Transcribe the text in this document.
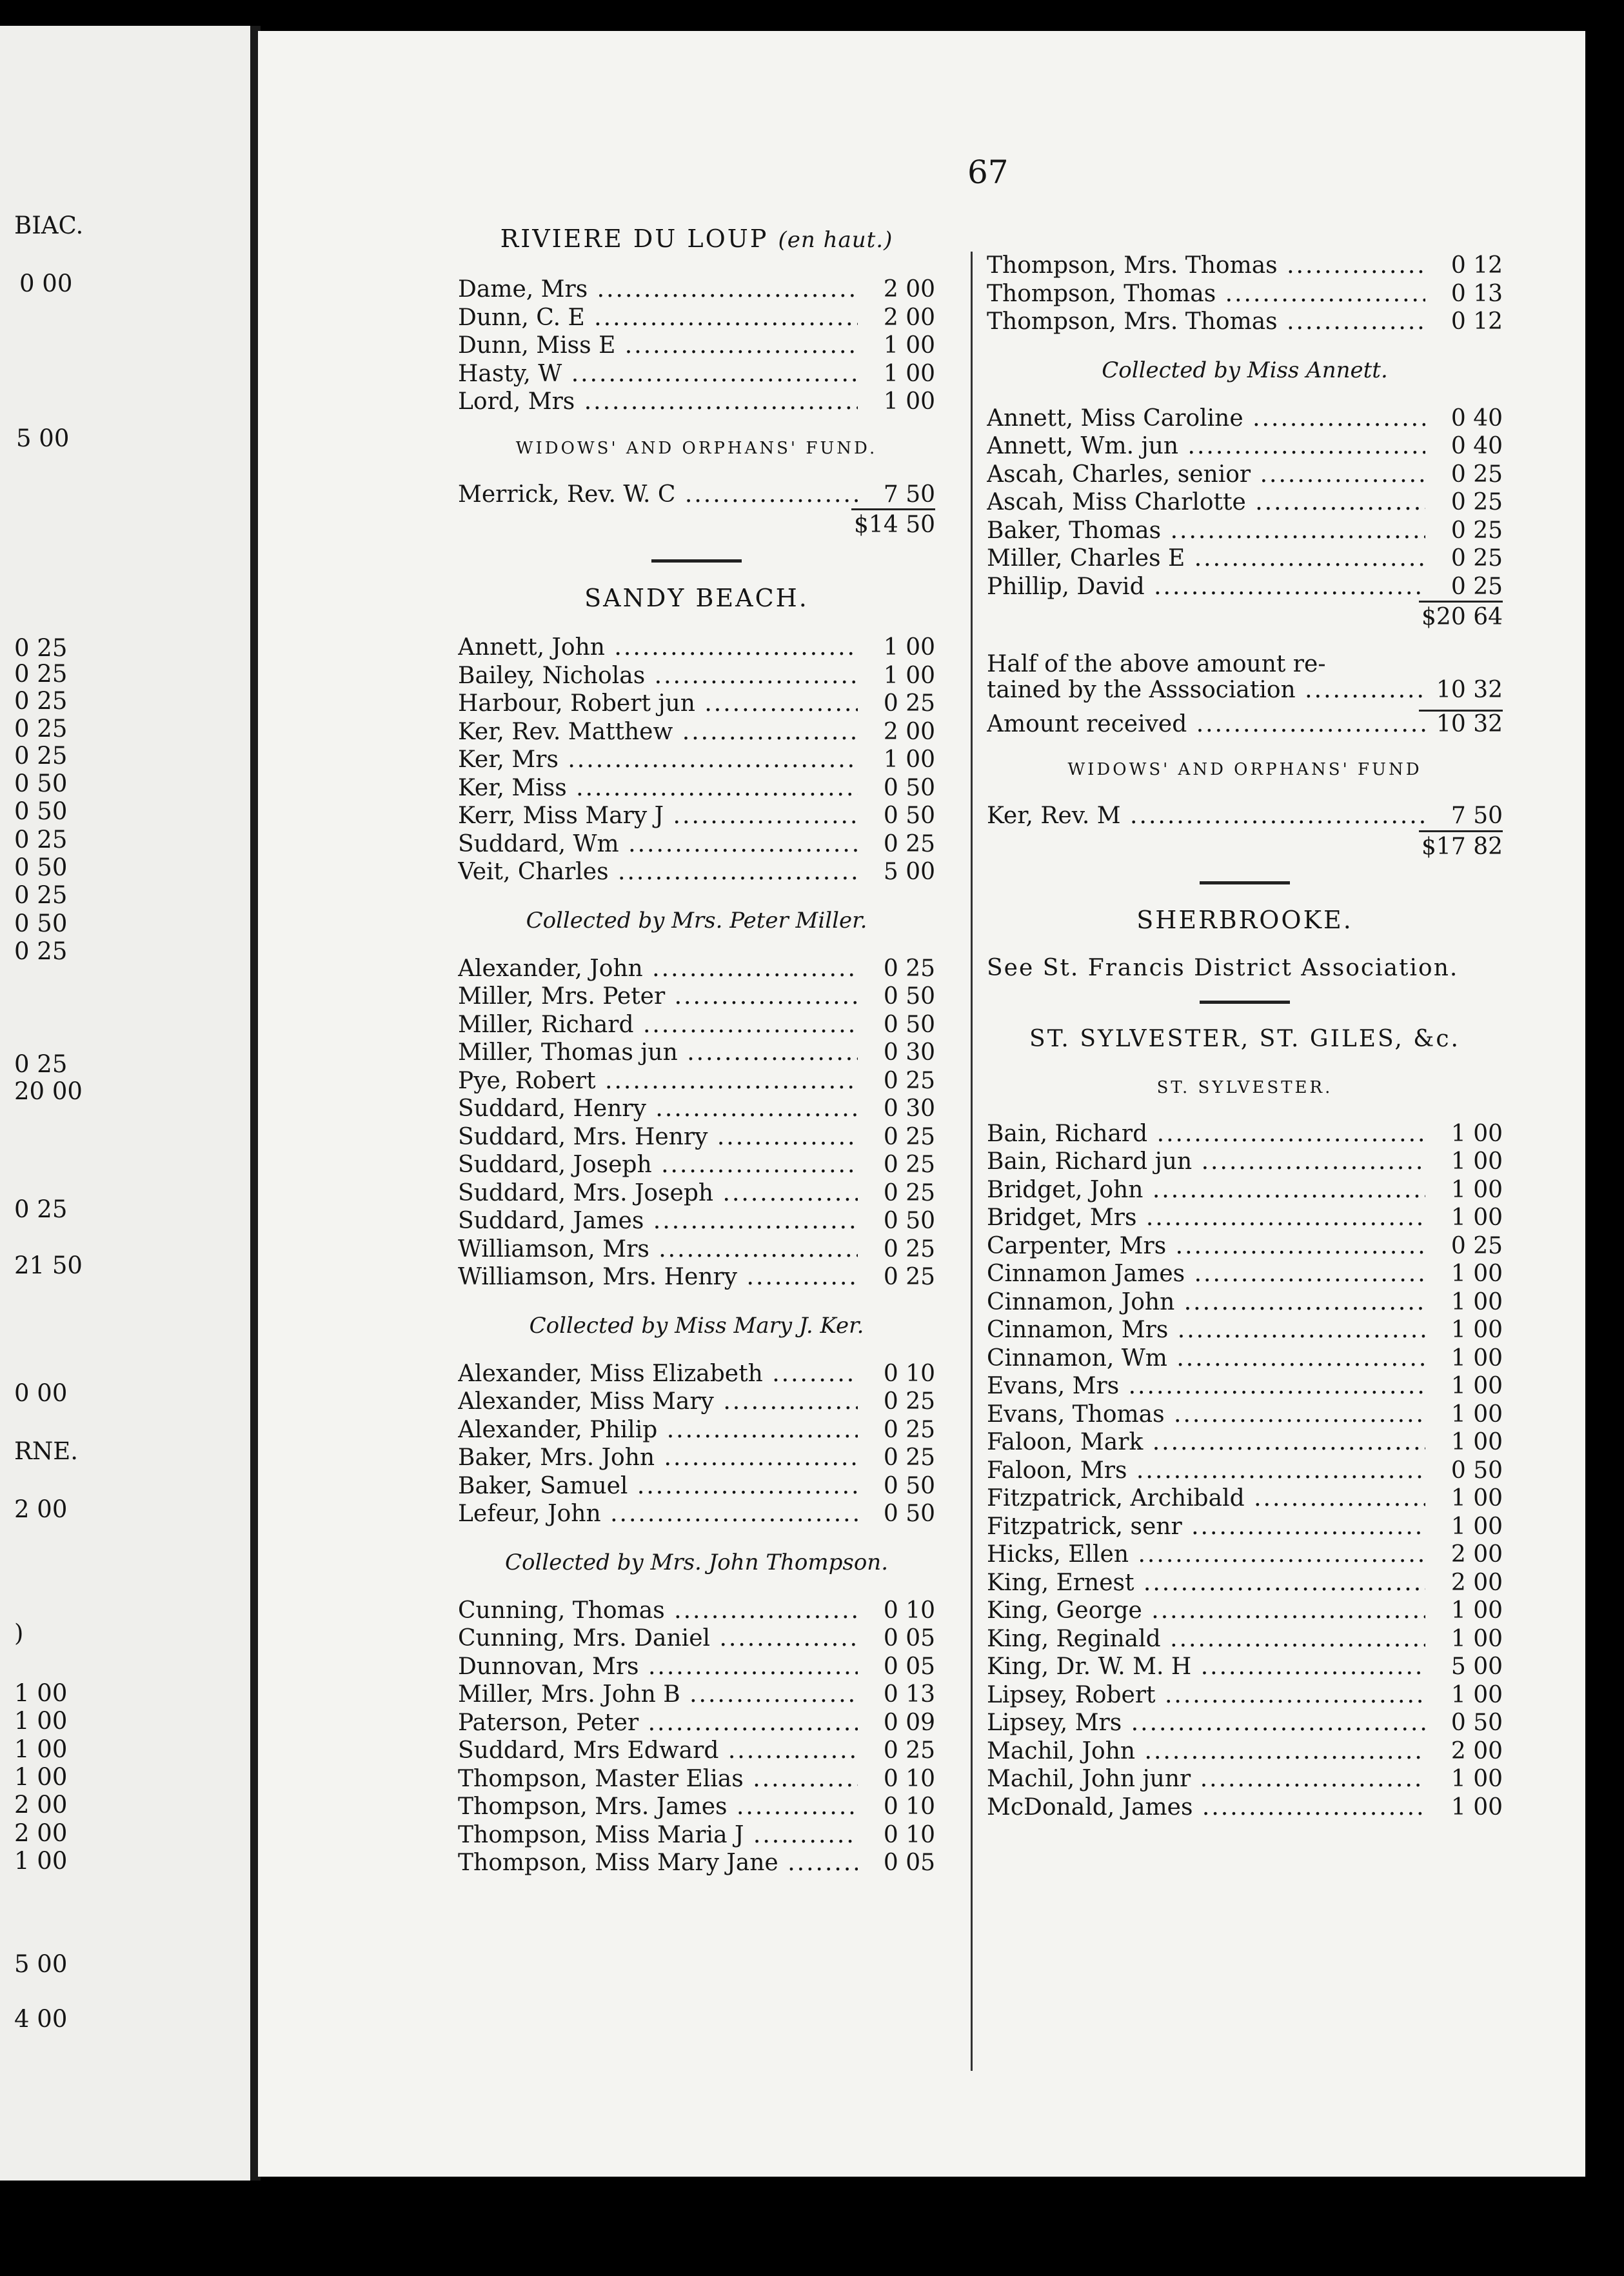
BIAC.
0 00
5 00
0 25
0 25
0 25
0 25
0 25
0 50
0 50
0 25
0 50
0 25
0 50
0 25
0 25
20 00
0 25
21 50
0 00
RNE.
2 00
)
1 00
1 00
1 00
1 00
2 00
2 00
1 00
5 00
4 00
67
RIVIERE DU LOUP (en haut.)
Dame, Mrs .....	2 00
Dunn, C. E .....	2 00
Dunn, Miss E .....	1 00
Hasty, W .....	1 00
Lord, Mrs .....	1 00
WIDOWS' AND ORPHANS' FUND.
Merrick, Rev. W. C .....	7 50
$14 50
SANDY BEACH.
Annett, John .....	1 00
Bailey, Nicholas .....	1 00
Harbour, Robert jun .....	0 25
Ker, Rev. Matthew .....	2 00
Ker, Mrs .....	1 00
Ker, Miss .....	0 50
Kerr, Miss Mary J .....	0 50
Suddard, Wm .....	0 25
Veit, Charles .....	5 00
Collected by Mrs. Peter Miller.
Alexander, John .....	0 25
Miller, Mrs. Peter .....	0 50
Miller, Richard .....	0 50
Miller, Thomas jun .....	0 30
Pye, Robert .....	0 25
Suddard, Henry .....	0 30
Suddard, Mrs. Henry .....	0 25
Suddard, Joseph .....	0 25
Suddard, Mrs. Joseph .....	0 25
Suddard, James .....	0 50
Williamson, Mrs .....	0 25
Williamson, Mrs. Henry .....	0 25
Collected by Miss Mary J. Ker.
Alexander, Miss Elizabeth .....	0 10
Alexander, Miss Mary .....	0 25
Alexander, Philip .....	0 25
Baker, Mrs. John .....	0 25
Baker, Samuel .....	0 50
Lefeur, John .....	0 50
Collected by Mrs. John Thompson.
Cunning, Thomas .....	0 10
Cunning, Mrs. Daniel .....	0 05
Dunnovan, Mrs .....	0 05
Miller, Mrs. John B .....	0 13
Paterson, Peter .....	0 09
Suddard, Mrs Edward .....	0 25
Thompson, Master Elias .....	0 10
Thompson, Mrs. James .....	0 10
Thompson, Miss Maria J .....	0 10
Thompson, Miss Mary Jane .....	0 05
Thompson, Mrs. Thomas .....	0 12
Thompson, Thomas .....	0 13
Thompson, Mrs. Thomas .....	0 12
Collected by Miss Annett.
Annett, Miss Caroline .....	0 40
Annett, Wm. jun .....	0 40
Ascah, Charles, senior .....	0 25
Ascah, Miss Charlotte .....	0 25
Baker, Thomas .....	0 25
Miller, Charles E .....	0 25
Phillip, David .....	0 25
$20 64
Half of the above amount re-
tained by the Asssociation .....	10 32
Amount received .....	10 32
WIDOWS' AND ORPHANS' FUND
Ker, Rev. M .....	7 50
$17 82
SHERBROOKE.
See St. Francis District Association.
ST. SYLVESTER, ST. GILES, &c.
ST. SYLVESTER.
Bain, Richard .....	1 00
Bain, Richard jun .....	1 00
Bridget, John .....	1 00
Bridget, Mrs .....	1 00
Carpenter, Mrs .....	0 25
Cinnamon James .....	1 00
Cinnamon, John .....	1 00
Cinnamon, Mrs .....	1 00
Cinnamon, Wm .....	1 00
Evans, Mrs .....	1 00
Evans, Thomas .....	1 00
Faloon, Mark .....	1 00
Faloon, Mrs .....	0 50
Fitzpatrick, Archibald .....	1 00
Fitzpatrick, senr .....	1 00
Hicks, Ellen .....	2 00
King, Ernest .....	2 00
King, George .....	1 00
King, Reginald .....	1 00
King, Dr. W. M. H .....	5 00
Lipsey, Robert .....	1 00
Lipsey, Mrs .....	0 50
Machil, John .....	2 00
Machil, John junr .....	1 00
McDonald, James .....	1 00
